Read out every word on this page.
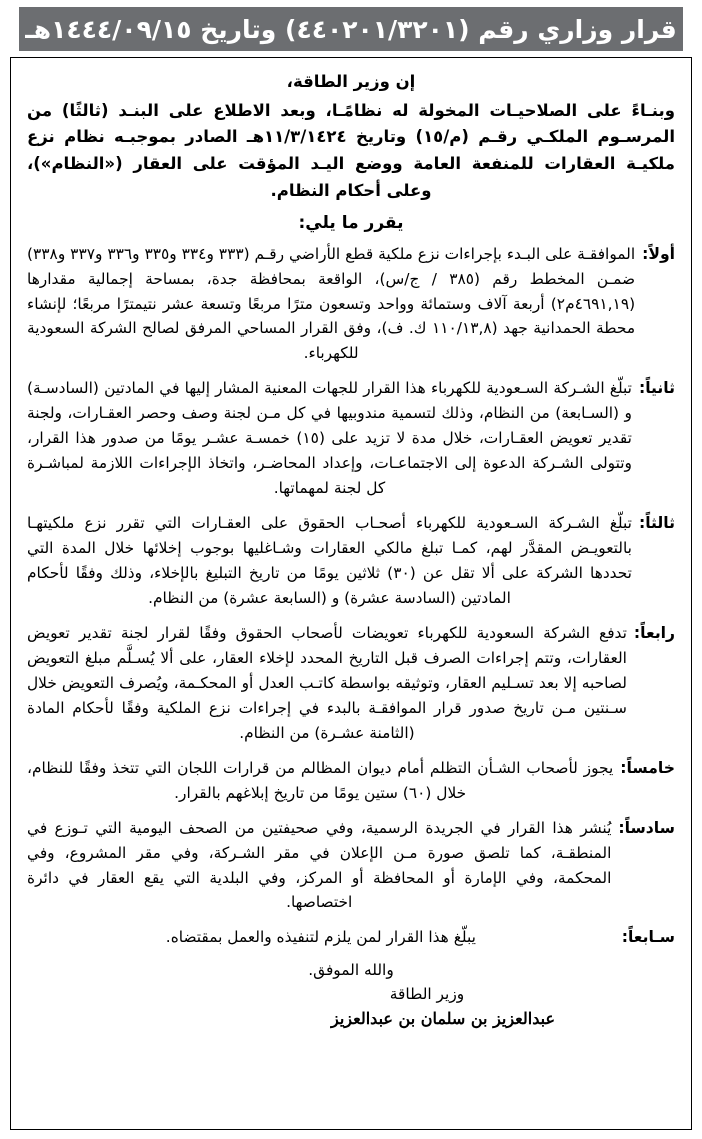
قرار وزاري رقم (٤٤٠٢٠١/٣٢٠١) وتاريخ ١٤٤٤/٠٩/١٥هـ

إن وزير الطاقة،

وبنـاءً على الصلاحيـات المخولة له نظامًـا، وبعد الاطلاع على البنـد (ثالثًا) من المرسـوم الملكـي رقـم (م/١٥) وتاريخ ١١/٣/١٤٢٤هـ الصادر بموجبـه نظام نزع ملكيـة العقارات للمنفعة العامة ووضع اليـد المؤقت على العقار («النظام»)، وعلى أحكام النظام.

يقرر ما يلي:

أولاً:
الموافقـة على البـدء بإجراءات نزع ملكية قطع الأراضي رقـم (٣٣٣ و٣٣٤ و٣٣٥ و٣٣٦ و٣٣٧ و٣٣٨) ضمـن المخطط رقم (٣٨٥ / ج/س)، الواقعة بمحافظة جدة، بمساحة إجمالية مقدارها (٤٦٩١,١٩م٢) أربعة آلاف وستمائة وواحد وتسعون مترًا مربعًا وتسعة عشر نتيمترًا مربعًا؛ لإنشاء محطة الحمدانية جهد (١١٠/١٣,٨ ك. ف)، وفق القرار المساحي المرفق لصالح الشركة السعودية للكهرباء.
ثانياً:
تبلّغ الشـركة السـعودية للكهرباء هذا القرار للجهات المعنية المشار إليها في المادتين (السادسـة) و (السـابعة) من النظام، وذلك لتسمية مندوبيها في كل مـن لجنة وصف وحصر العقـارات، ولجنة تقدير تعويض العقـارات، خلال مدة لا تزيد على (١٥) خمسـة عشـر يومًا من صدور هذا القرار، وتتولى الشـركة الدعوة إلى الاجتماعـات، وإعداد المحاضـر، واتخاذ الإجراءات اللازمة لمباشـرة كل لجنة لمهماتها.
ثالثاً:
تبلّغ الشـركة السـعودية للكهرباء أصحـاب الحقوق على العقـارات التي تقرر نزع ملكيتهـا بالتعويـض المقدَّر لهم، كمـا تبلغ مالكي العقارات وشـاغليها بوجوب إخلائها خلال المدة التي تحددها الشركة على ألا تقل عن (٣٠) ثلاثين يومًا من تاريخ التبليغ بالإخلاء، وذلك وفقًا لأحكام المادتين (السادسة عشرة) و (السابعة عشرة) من النظام.
رابعاً:
تدفع الشركة السعودية للكهرباء تعويضات لأصحاب الحقوق وفقًا لقرار لجنة تقدير تعويض العقارات، وتتم إجراءات الصرف قبل التاريخ المحدد لإخلاء العقار، على ألا يُسـلَّم مبلغ التعويض لصاحبه إلا بعد تسـليم العقار، وتوثيقه بواسطة كاتـب العدل أو المحكـمة، ويُصرف التعويض خلال سـنتين مـن تاريخ صدور قرار الموافقـة بالبدء في إجراءات نزع الملكية وفقًا لأحكام المادة (الثامنة عشـرة) من النظام.
خامساً:
يجوز لأصحاب الشـأن التظلم أمام ديوان المظالم من قرارات اللجان التي تتخذ وفقًا للنظام، خلال (٦٠) ستين يومًا من تاريخ إبلاغهم بالقرار.
سادساً:
يُنشر هذا القرار في الجريدة الرسمية، وفي صحيفتين من الصحف اليومية التي تـوزع في المنطقـة، كما تلصق صورة مـن الإعلان في مقر الشـركة، وفي مقر المشروع، وفي المحكمة، وفي الإمارة أو المحافظة أو المركز، وفي البلدية التي يقع العقار في دائرة اختصاصها.
سـابعاً:
يبلّغ هذا القرار لمن يلزم لتنفيذه والعمل بمقتضاه.

والله الموفق.

وزير الطاقة

عبدالعزيز بن سلمان بن عبدالعزيز
